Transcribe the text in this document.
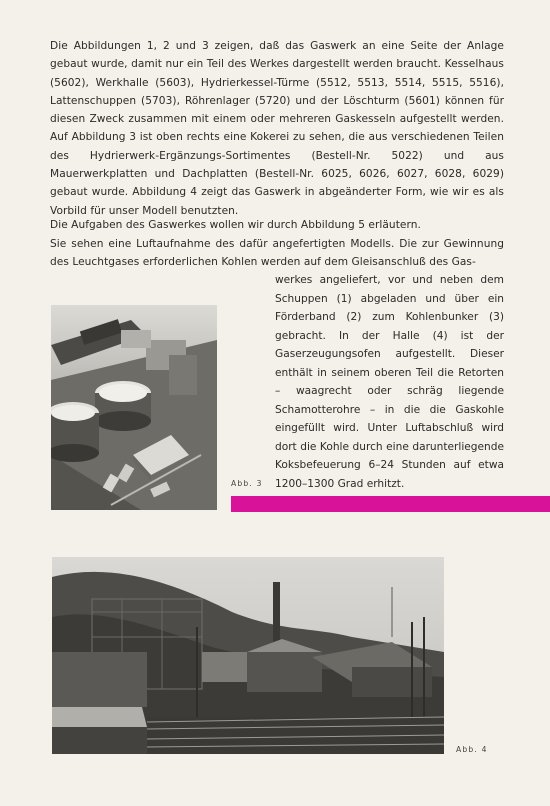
Die Abbildungen 1, 2 und 3 zeigen, daß das Gaswerk an eine Seite der Anlage gebaut wurde, damit nur ein Teil des Werkes dargestellt werden braucht. Kesselhaus (5602), Werkhalle (5603), Hydrierkessel-Türme (5512, 5513, 5514, 5515, 5516), Lattenschuppen (5703), Röhrenlager (5720) und der Löschturm (5601) können für diesen Zweck zusammen mit einem oder mehreren Gaskesseln aufgestellt werden. Auf Abbildung 3 ist oben rechts eine Kokerei zu sehen, die aus verschiedenen Teilen des Hydrierwerk-Ergänzungs-Sortimentes (Bestell-Nr. 5022) und aus Mauerwerkplatten und Dachplatten (Bestell-Nr. 6025, 6026, 6027, 6028, 6029) gebaut wurde. Abbildung 4 zeigt das Gaswerk in abgeänderter Form, wie wir es als Vorbild für unser Modell benutzten.

Die Aufgaben des Gaswerkes wollen wir durch Abbildung 5 erläutern.

Sie sehen eine Luftaufnahme des dafür angefertigten Modells. Die zur Gewinnung des Leuchtgases erforderlichen Kohlen werden auf dem Gleisanschluß des Gas-

werkes angeliefert, vor und neben dem Schuppen (1) abgeladen und über ein Förderband (2) zum Kohlenbunker (3) gebracht. In der Halle (4) ist der Gaserzeugungsofen aufgestellt. Dieser enthält in seinem oberen Teil die Retorten – waagrecht oder schräg liegende Schamotterohre – in die die Gaskohle eingefüllt wird. Unter Luftabschluß wird dort die Kohle durch eine darunterliegende Koksbefeuerung 6–24 Stunden auf etwa 1200–1300 Grad erhitzt.

Abb. 3
Abb. 4
